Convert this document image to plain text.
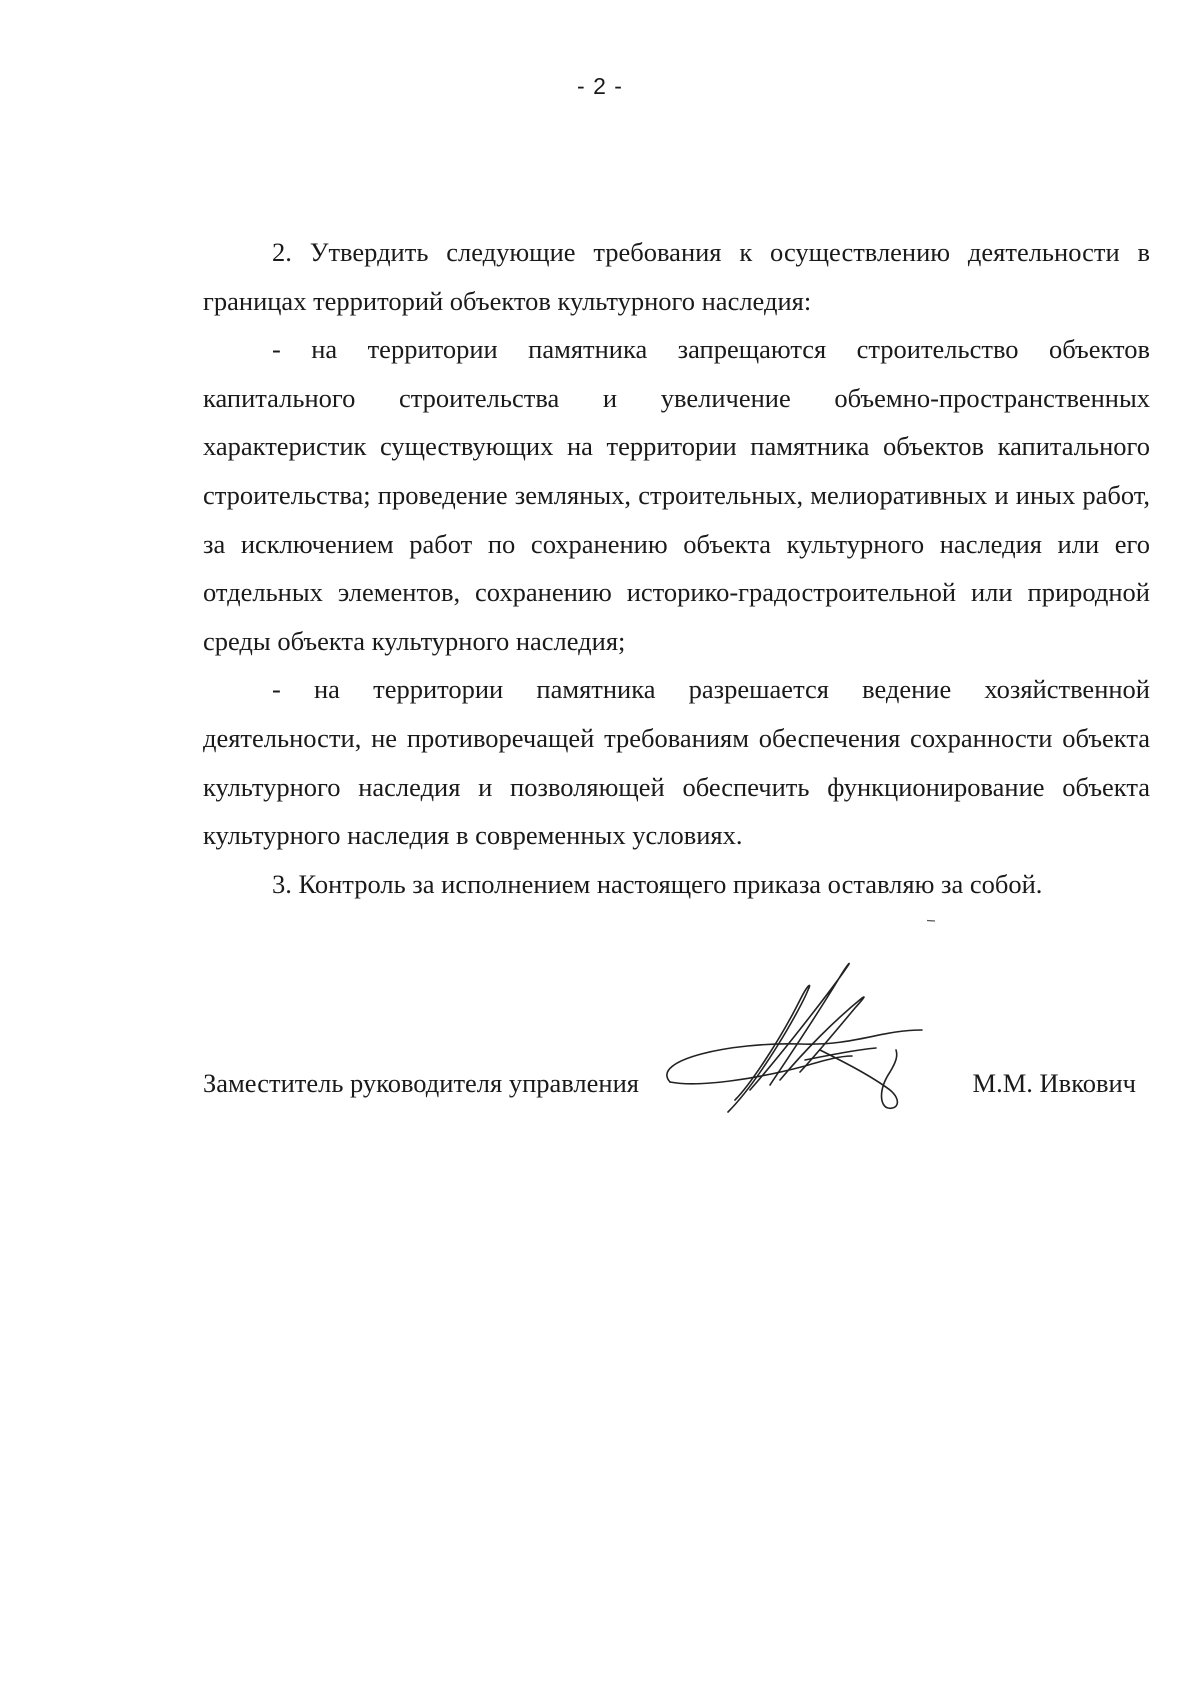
- 2 -

2. Утвердить следующие требования к осуществлению деятельности в границах территорий объектов культурного наследия:

- на территории памятника запрещаются строительство объектов капитального строительства и увеличение объемно-пространственных характеристик существующих на территории памятника объектов капитального строительства; проведение земляных, строительных, мелиоративных и иных работ, за исключением работ по сохранению объекта культурного наследия или его отдельных элементов, сохранению историко-градостроительной или природной среды объекта культурного наследия;

- на территории памятника разрешается ведение хозяйственной деятельности, не противоречащей требованиям обеспечения сохранности объекта культурного наследия и позволяющей обеспечить функционирование объекта культурного наследия в современных условиях.

3. Контроль за исполнением настоящего приказа оставляю за собой.

Заместитель руководителя управления	М.М. Ивкович
